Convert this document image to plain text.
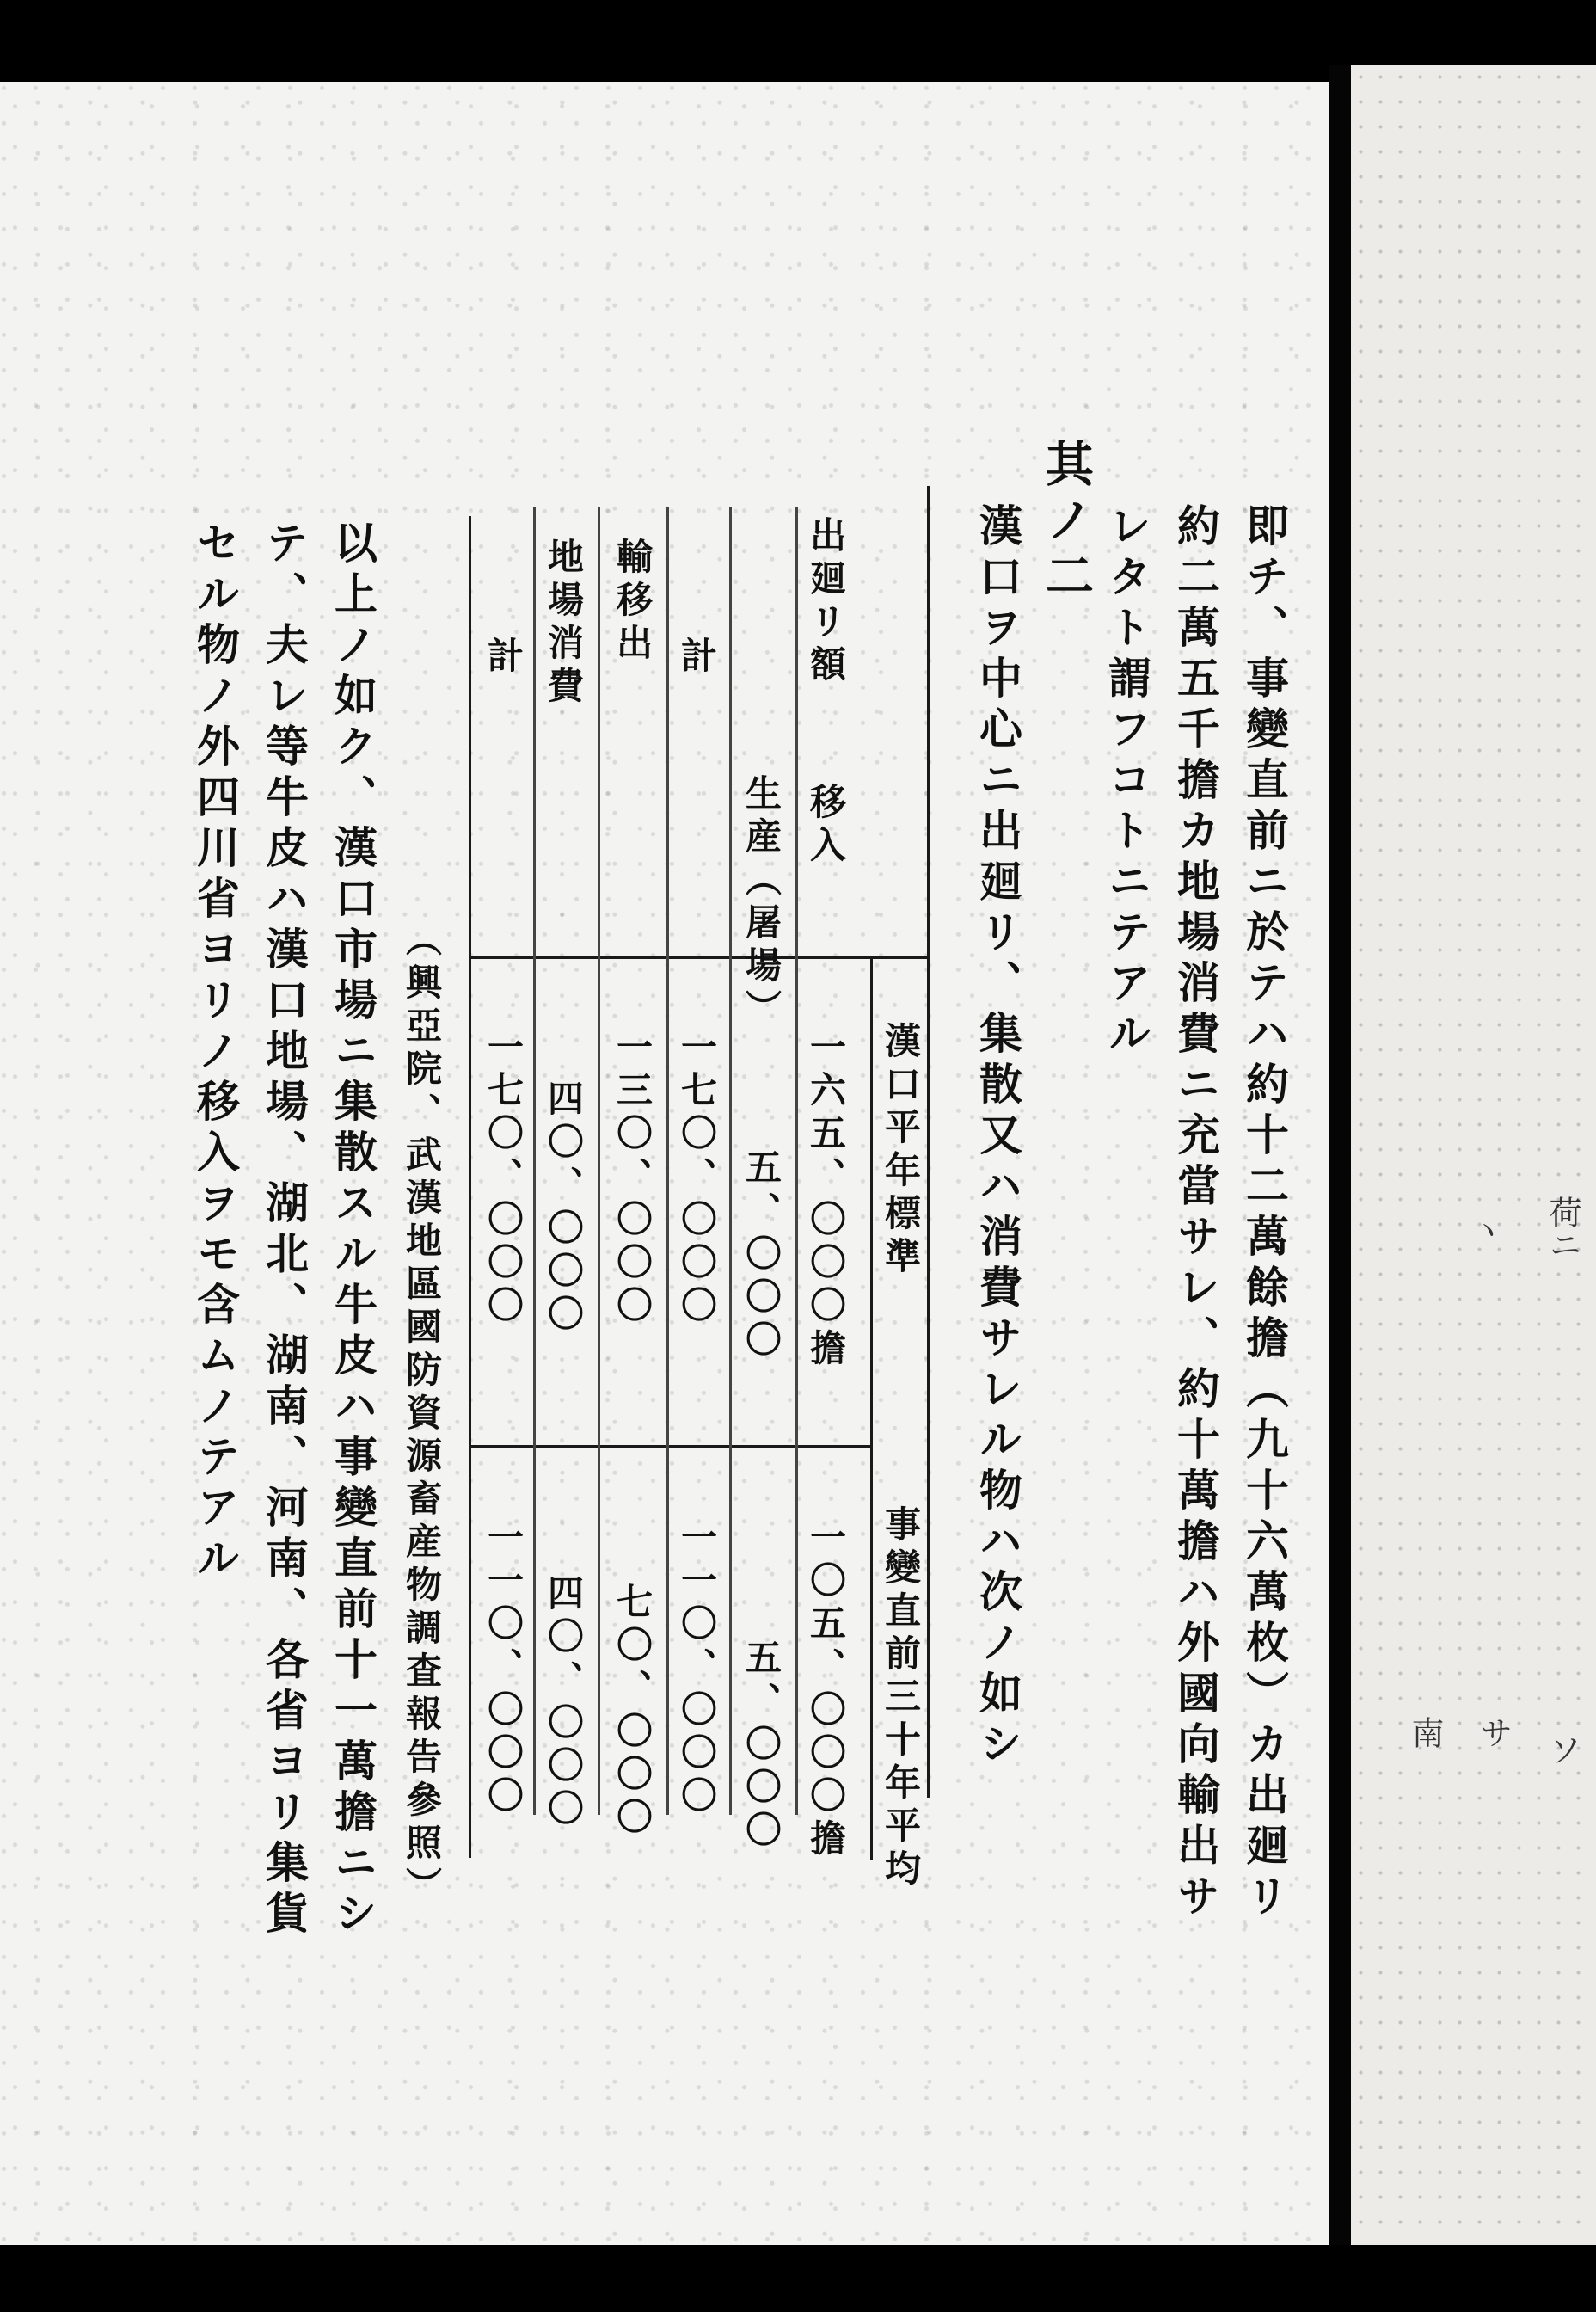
即チ、事變直前ニ於テハ約十二萬餘擔（九十六萬枚）カ出廻リ
約二萬五千擔カ地場消費ニ充當サレ、約十萬擔ハ外國向輸出サ
レタト謂フコトニテアル
其ノ二
漢口ヲ中心ニ出廻リ、集散又ハ消費サレル物ハ次ノ如シ
漢口平年標準
事變直前三十年平均
出廻リ額
移入
生産（屠場）
計
輸移出
地場消費
計
一六五、〇〇〇擔
一〇五、〇〇〇擔
五、〇〇〇
五、〇〇〇
一七〇、〇〇〇
一一〇、〇〇〇
一三〇、〇〇〇
七〇、〇〇〇
四〇、〇〇〇
四〇、〇〇〇
一七〇、〇〇〇
一一〇、〇〇〇
（興亞院、武漢地區國防資源畜産物調査報告參照）
以上ノ如ク、漢口市場ニ集散スル牛皮ハ事變直前十一萬擔ニシ
テ、夫レ等牛皮ハ漢口地場、湖北、湖南、河南、各省ヨリ集貨
セル物ノ外四川省ヨリノ移入ヲモ含ムノテアル	荷ニ
ヽ
サ
南
ソ
